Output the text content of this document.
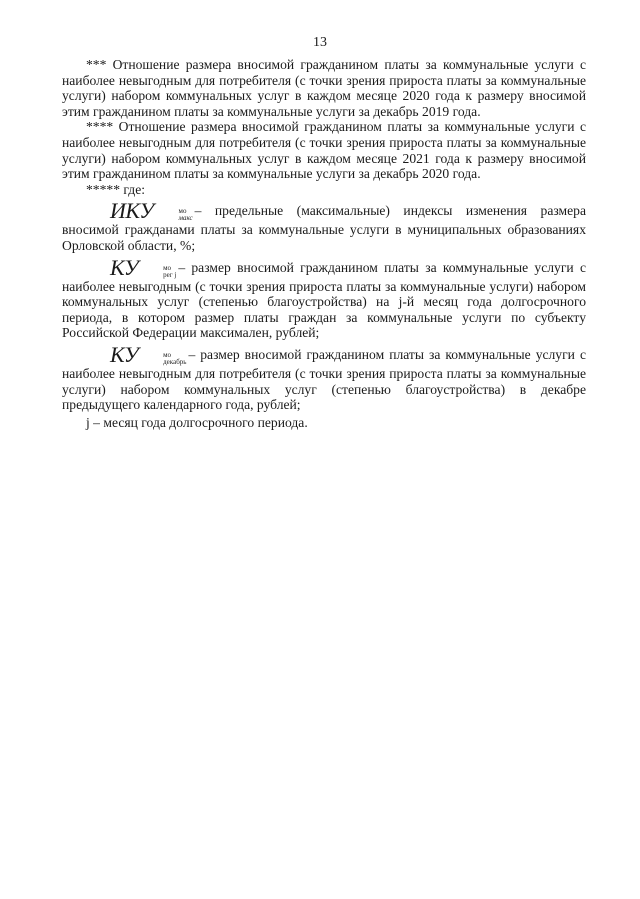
13

*** Отношение размера вносимой гражданином платы за коммунальные услуги с наиболее невыгодным для потребителя (с точки зрения прироста платы за коммунальные услуги) набором коммунальных услуг в каждом месяце 2020 года к размеру вносимой этим гражданином платы за коммунальные услуги за декабрь 2019 года.

**** Отношение размера вносимой гражданином платы за коммунальные услуги с наиболее невыгодным для потребителя (с точки зрения прироста платы за коммунальные услуги) набором коммунальных услуг в каждом месяце 2021 года к размеру вносимой этим гражданином платы за коммунальные услуги за декабрь 2020 года.

***** где:

ИКУ	мо
макс – предельные (максимальные) индексы изменения размера вносимой гражданами платы за коммунальные услуги в муниципальных образованиях Орловской области, %;

КУ	мо
рег j – размер вносимой гражданином платы за коммунальные услуги с наиболее невыгодным (с точки зрения прироста платы за коммунальные услуги) набором коммунальных услуг (степенью благоустройства) на j-й месяц года долгосрочного периода, в котором размер платы граждан за коммунальные услуги по субъекту Российской Федерации максимален, рублей;

КУ	мо
декабрь – размер вносимой гражданином платы за коммунальные услуги с наиболее невыгодным для потребителя (с точки зрения прироста платы за коммунальные услуги) набором коммунальных услуг (степенью благоустройства) в декабре предыдущего календарного года, рублей;

j – месяц года долгосрочного периода.
